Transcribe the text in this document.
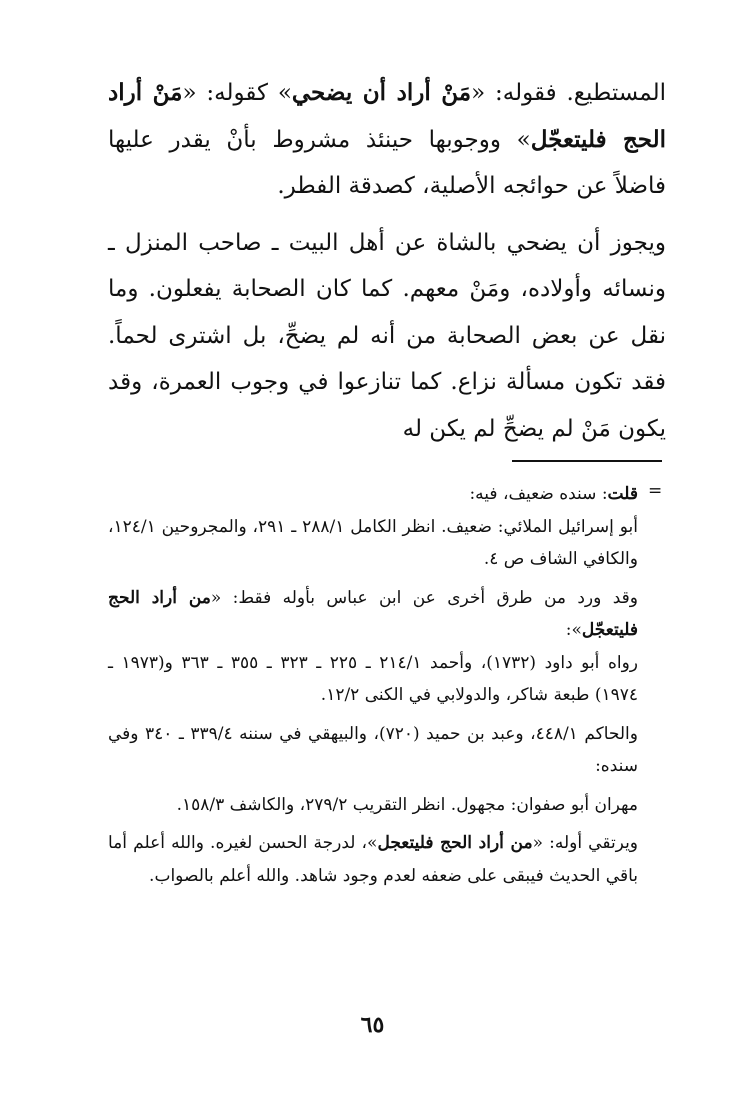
المستطيع. فقوله: «مَنْ أراد أن يضحي» كقوله: «مَنْ أراد الحج فليتعجّل» ووجوبها حينئذ مشروط بأنْ يقدر عليها فاضلاً عن حوائجه الأصلية، كصدقة الفطر.

ويجوز أن يضحي بالشاة عن أهل البيت ـ صاحب المنزل ـ ونسائه وأولاده، ومَنْ معهم. كما كان الصحابة يفعلون. وما نقل عن بعض الصحابة من أنه لم يضحِّ، بل اشترى لحماً. فقد تكون مسألة نزاع. كما تنازعوا في وجوب العمرة، وقد يكون مَنْ لم يضحِّ لم يكن له

=

قلت: سنده ضعيف، فيه:

أبو إسرائيل الملائي: ضعيف. انظر الكامل ٢٨٨/١ ـ ٢٩١، والمجروحين ١٢٤/١، والكافي الشاف ص ٤.

وقد ورد من طرق أخرى عن ابن عباس بأوله فقط: «من أراد الحج فليتعجّل»:

رواه أبو داود (١٧٣٢)، وأحمد ٢١٤/١ ـ ٢٢٥ ـ ٣٢٣ ـ ٣٥٥ ـ ٣٦٣ و(١٩٧٣ ـ ١٩٧٤) طبعة شاكر، والدولابي في الكنى ١٢/٢.

والحاكم ٤٤٨/١، وعبد بن حميد (٧٢٠)، والبيهقي في سننه ٣٣٩/٤ ـ ٣٤٠ وفي سنده:

مهران أبو صفوان: مجهول. انظر التقريب ٢٧٩/٢، والكاشف ١٥٨/٣.

ويرتقي أوله: «من أراد الحج فليتعجل»، لدرجة الحسن لغيره. والله أعلم أما باقي الحديث فيبقى على ضعفه لعدم وجود شاهد. والله أعلم بالصواب.

٦٥
